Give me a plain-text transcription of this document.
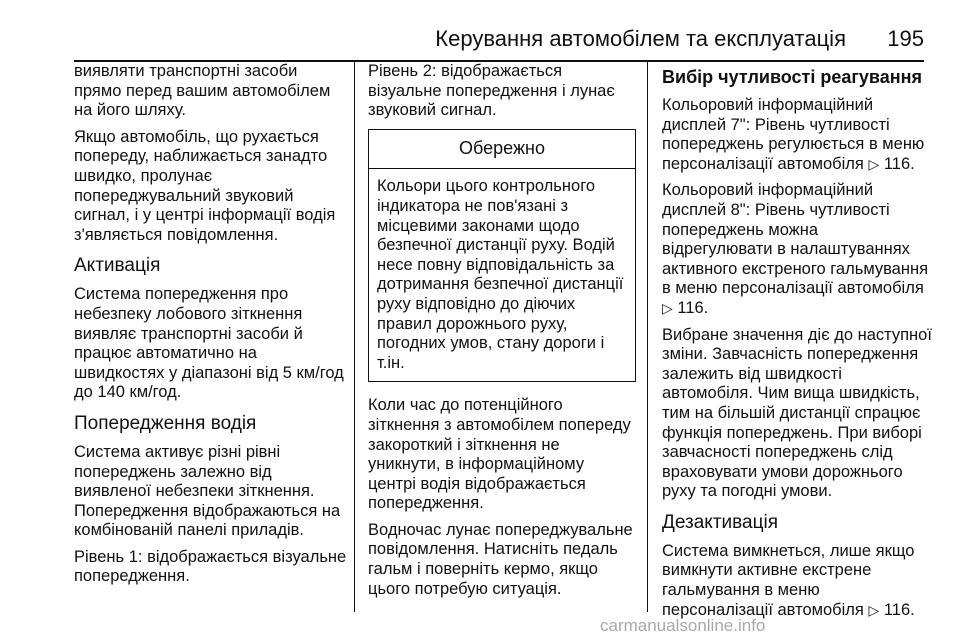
Керування автомобілем та експлуатація 195

виявляти транспортні засоби прямо перед вашим автомобілем на його шляху.

Якщо автомобіль, що рухається попереду, наближається занадто швидко, пролунає попереджувальний звуковий сигнал, і у центрі інформації водія з'являється повідомлення.

Активація

Система попередження про небезпеку лобового зіткнення виявляє транспортні засоби й працює автоматично на швидкостях у діапазоні від 5 км/год до 140 км/год.

Попередження водія

Система активує різні рівні попереджень залежно від виявленої небезпеки зіткнення. Попередження відображаються на комбінованій панелі приладів.

Рівень 1: відображається візуальне попередження.

Рівень 2: відображається візуальне попередження і лунає звуковий сигнал.

Обережно
Кольори цього контрольного індикатора не пов'язані з місцевими законами щодо безпечної дистанції руху. Водій несе повну відповідальність за дотримання безпечної дистанції руху відповідно до діючих правил дорожнього руху, погодних умов, стану дороги і т.ін.

Коли час до потенційного зіткнення з автомобілем попереду закороткий і зіткнення не уникнути, в інформаційному центрі водія відображається попередження.

Водночас лунає попереджувальне повідомлення. Натисніть педаль гальм і поверніть кермо, якщо цього потребую ситуація.

Вибір чутливості реагування

Кольоровий інформаційний дисплей 7": Рівень чутливості попереджень регулюється в меню персоналізації автомобіля ▷ 116.

Кольоровий інформаційний дисплей 8": Рівень чутливості попереджень можна відрегулювати в налаштуваннях активного екстреного гальмування в меню персоналізації автомобіля ▷ 116.

Вибране значення діє до наступної зміни. Завчасність попередження залежить від швидкості автомобіля. Чим вища швидкість, тим на більшій дистанції спрацює функція попереджень. При виборі завчасності попереджень слід враховувати умови дорожнього руху та погодні умови.

Дезактивація

Система вимкнеться, лише якщо вимкнути активне екстрене гальмування в меню персоналізації автомобіля ▷ 116.

carmanualsonline.info
